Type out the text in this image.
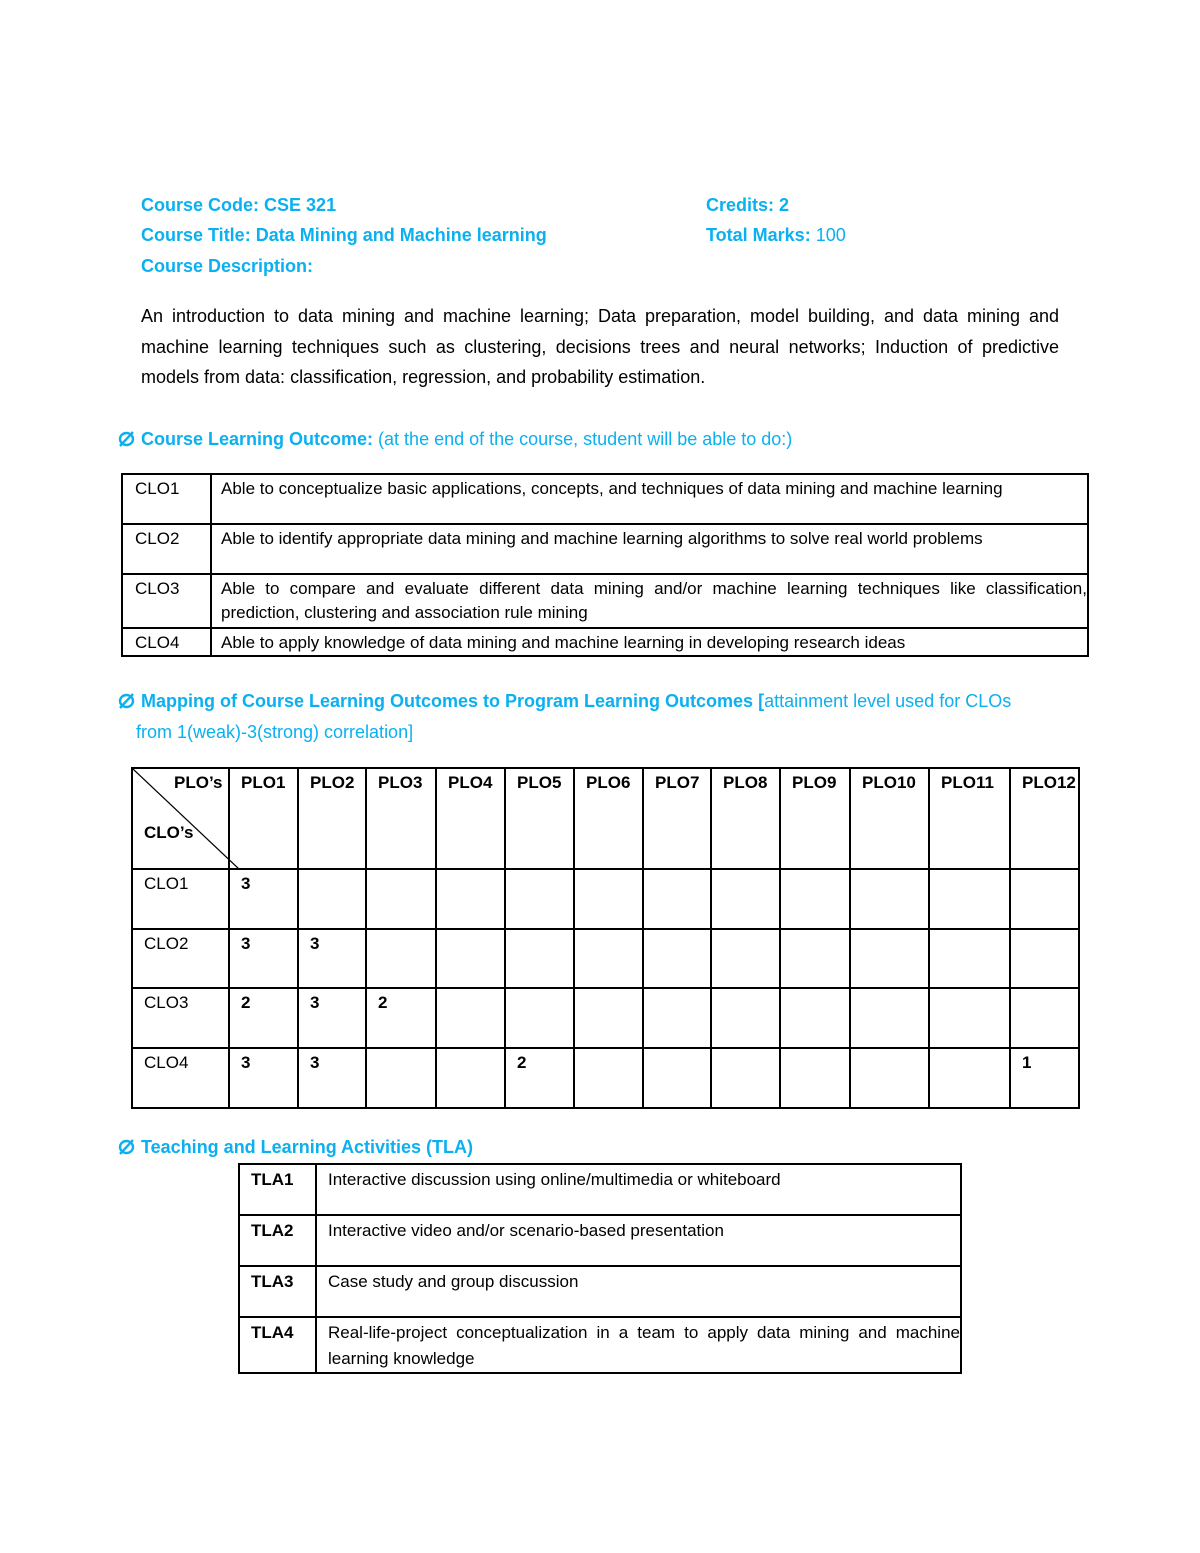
Course Code: CSE 321	Credits: 2
Course Title: Data Mining and Machine learning	Total Marks: 100
Course Description:

An introduction to data mining and machine learning; Data preparation, model building, and data mining and machine learning techniques such as clustering, decisions trees and neural networks; Induction of predictive models from data: classification, regression, and probability estimation.

Course Learning Outcome: (at the end of the course, student will be able to do:)
CLO1	Able to conceptualize basic applications, concepts, and techniques of data mining and machine learning
CLO2	Able to identify appropriate data mining and machine learning algorithms to solve real world problems
CLO3	Able to compare and evaluate different data mining and/or machine learning techniques like classification, prediction, clustering and association rule mining
CLO4	Able to apply knowledge of data mining and machine learning in developing research ideas
Mapping of Course Learning Outcomes to Program Learning Outcomes [attainment level used for CLOs
from 1(weak)-3(strong) correlation]
PLO’s
CLO’s	PLO1	PLO2	PLO3	PLO4	PLO5	PLO6	PLO7	PLO8	PLO9	PLO10	PLO11	PLO12
CLO1	3											
CLO2	3	3										
CLO3	2	3	2									
CLO4	3	3			2							1
Teaching and Learning Activities (TLA)
TLA1	Interactive discussion using online/multimedia or whiteboard
TLA2	Interactive video and/or scenario-based presentation
TLA3	Case study and group discussion
TLA4	Real-life-project conceptualization in a team to apply data mining and machine learning knowledge
